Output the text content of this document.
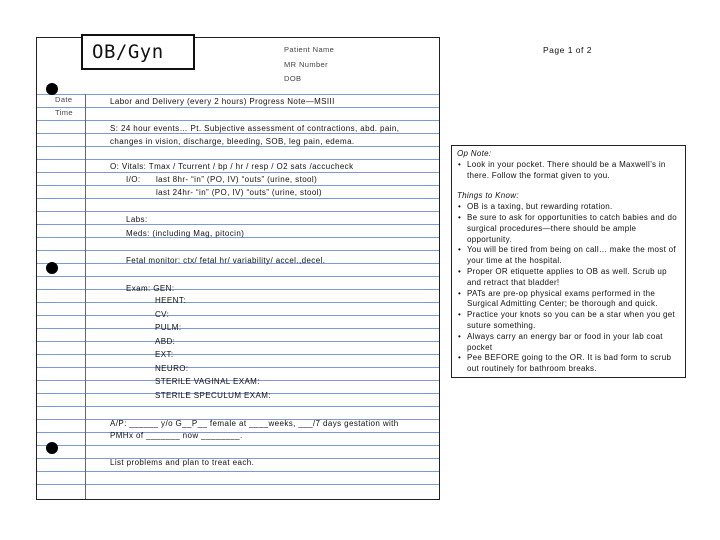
OB/Gyn	Patient Name
MR Number
DOB
Page 1 of 2
Date
Time
Labor and Delivery (every 2 hours) Progress Note—MSIII
S: 24 hour events… Pt. Subjective assessment of contractions, abd. pain,
changes in vision, discharge, bleeding, SOB, leg pain, edema.
O: Vitals: Tmax / Tcurrent / bp / hr / resp / O2 sats /accucheck
I/O: last 8hr- “in” (PO, IV) “outs” (urine, stool)
last 24hr- “in” (PO, IV) “outs” (urine, stool)
Labs:
Meds: (including Mag, pitocin)
Fetal monitor: ctx/ fetal hr/ variability/ accel.,decel.
Exam: GEN:
HEENT:
CV:
PULM:
ABD:
EXT:
NEURO:
STERILE VAGINAL EXAM:
STERILE SPECULUM EXAM:
A/P: ______ y/o G__P__ female at ____weeks, ___/7 days gestation with
PMHx of _______ now ________.
List problems and plan to treat each.
Op Note:
• Look in your pocket. There should be a Maxwell’s in there. Follow the format given to you.
Things to Know:
• OB is a taxing, but rewarding rotation.
• Be sure to ask for opportunities to catch babies and do surgical procedures—there should be ample opportunity.
• You will be tired from being on call… make the most of your time at the hospital.
• Proper OR etiquette applies to OB as well. Scrub up and retract that bladder!
• PATs are pre-op physical exams performed in the Surgical Admitting Center; be thorough and quick.
• Practice your knots so you can be a star when you get suture something.
• Always carry an energy bar or food in your lab coat pocket
• Pee BEFORE going to the OR. It is bad form to scrub out routinely for bathroom breaks.
